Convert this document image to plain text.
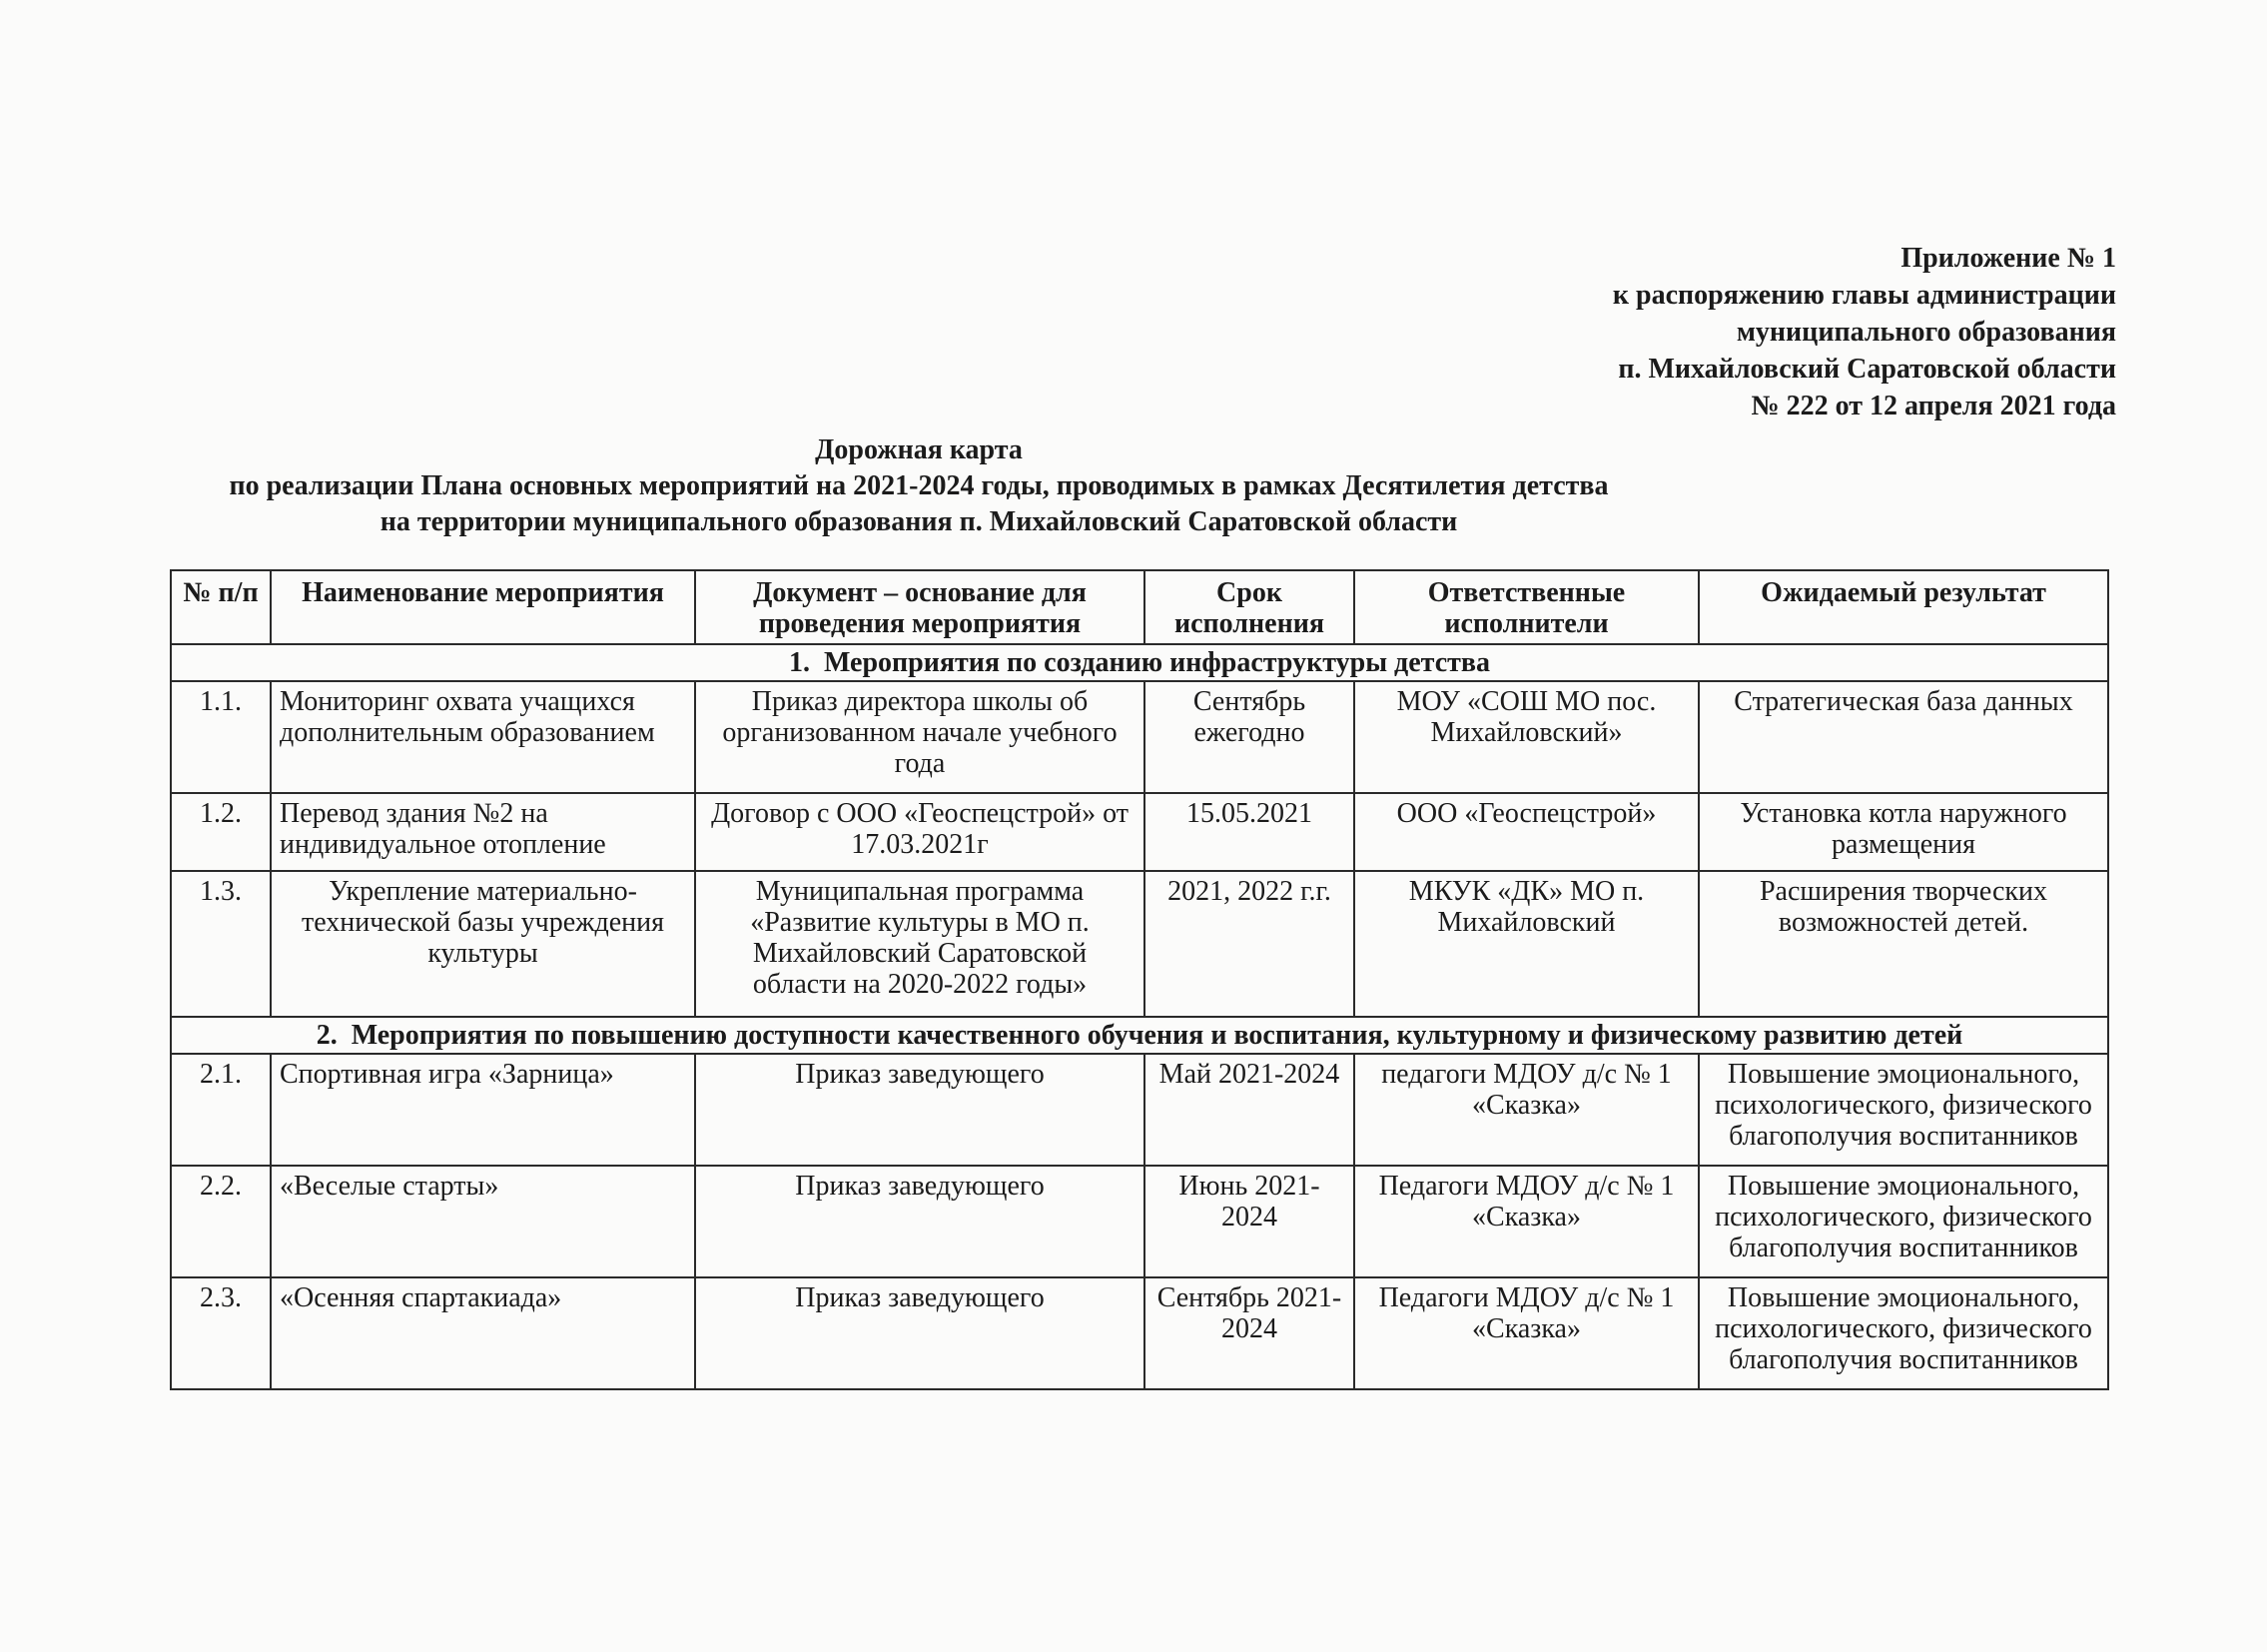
Приложение № 1
к распоряжению главы администрации
муниципального образования
п. Михайловский Саратовской области
№ 222 от 12 апреля 2021 года
Дорожная карта
по реализации Плана основных мероприятий на 2021-2024 годы, проводимых в рамках Десятилетия детства
на территории муниципального образования п. Михайловский Саратовской области
№ п/п	Наименование мероприятия	Документ – основание для проведения мероприятия	Срок исполнения	Ответственные исполнители	Ожидаемый результат
1. Мероприятия по созданию инфраструктуры детства					
1.1.	Мониторинг охвата учащихся дополнительным образованием	Приказ директора школы об организованном начале учебного года	Сентябрь ежегодно	МОУ «СОШ МО пос. Михайловский»	Стратегическая база данных
1.2.	Перевод здания №2 на индивидуальное отопление	Договор с ООО «Геоспецстрой» от 17.03.2021г	15.05.2021	ООО «Геоспецстрой»	Установка котла наружного размещения
1.3.	Укрепление материально-технической базы учреждения культуры	Муниципальная программа «Развитие культуры в МО п. Михайловский Саратовской области на 2020-2022 годы»	2021, 2022 г.г.	МКУК «ДК» МО п. Михайловский	Расширения творческих возможностей детей.
2. Мероприятия по повышению доступности качественного обучения и воспитания, культурному и физическому развитию детей					
2.1.	Спортивная игра «Зарница»	Приказ заведующего	Май 2021-2024	педагоги МДОУ д/с № 1 «Сказка»	Повышение эмоционального, психологического, физического благополучия воспитанников
2.2.	«Веселые старты»	Приказ заведующего	Июнь 2021-2024	Педагоги МДОУ д/с № 1 «Сказка»	Повышение эмоционального, психологического, физического благополучия воспитанников
2.3.	«Осенняя спартакиада»	Приказ заведующего	Сентябрь 2021-2024	Педагоги МДОУ д/с № 1 «Сказка»	Повышение эмоционального, психологического, физического благополучия воспитанников
